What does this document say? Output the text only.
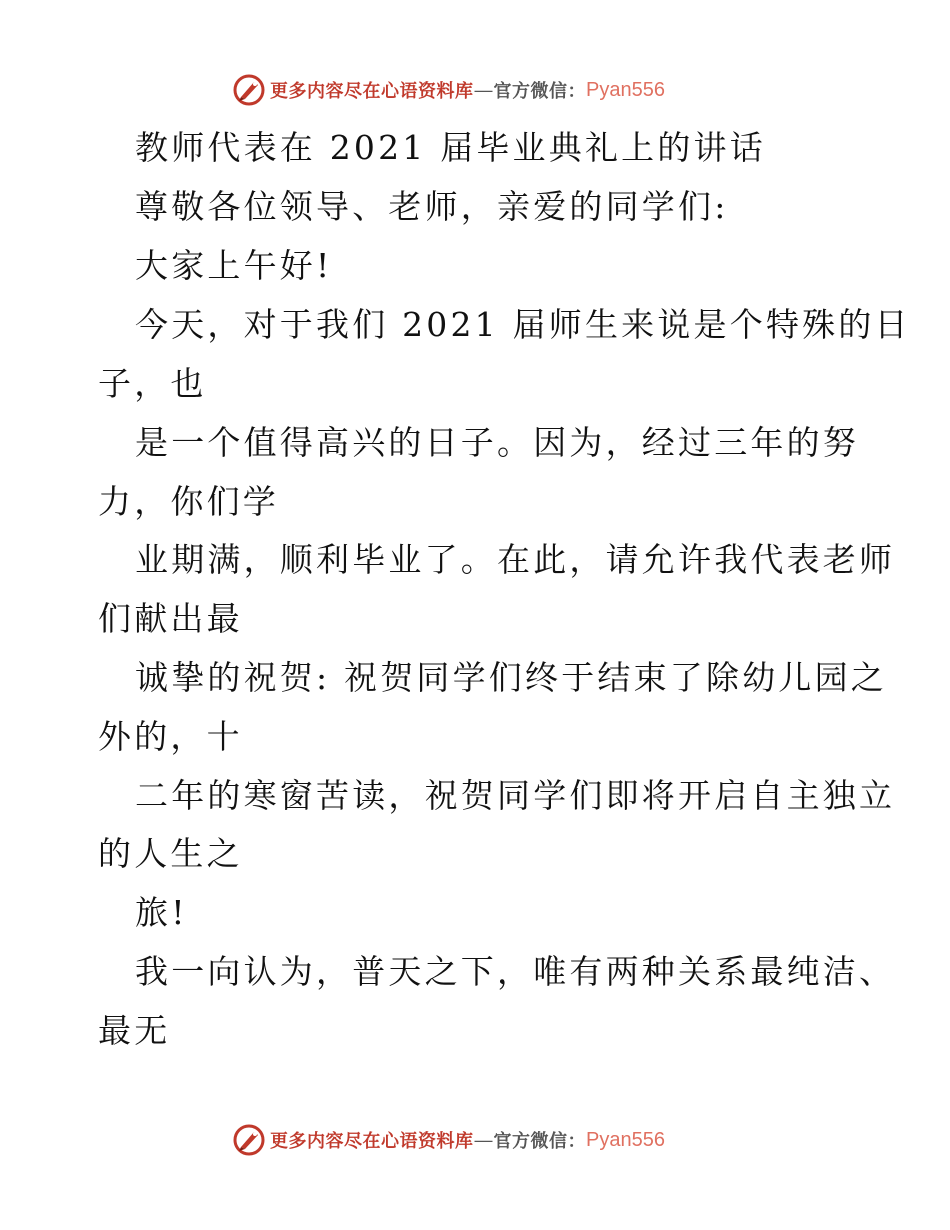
更多内容尽在心语资料库 — 官方微信： Pyan556
教师代表在 2021 届毕业典礼上的讲话
尊敬各位领导、老师，亲爱的同学们:
大家上午好!
今天，对于我们 2021 届师生来说是个特殊的日
子，也
是一个值得高兴的日子。因为，经过三年的努
力，你们学
业期满，顺利毕业了。在此，请允许我代表老师
们献出最
诚挚的祝贺: 祝贺同学们终于结束了除幼儿园之
外的，十
二年的寒窗苦读，祝贺同学们即将开启自主独立
的人生之
旅!
我一向认为，普天之下，唯有两种关系最纯洁、
最无
更多内容尽在心语资料库 — 官方微信： Pyan556
